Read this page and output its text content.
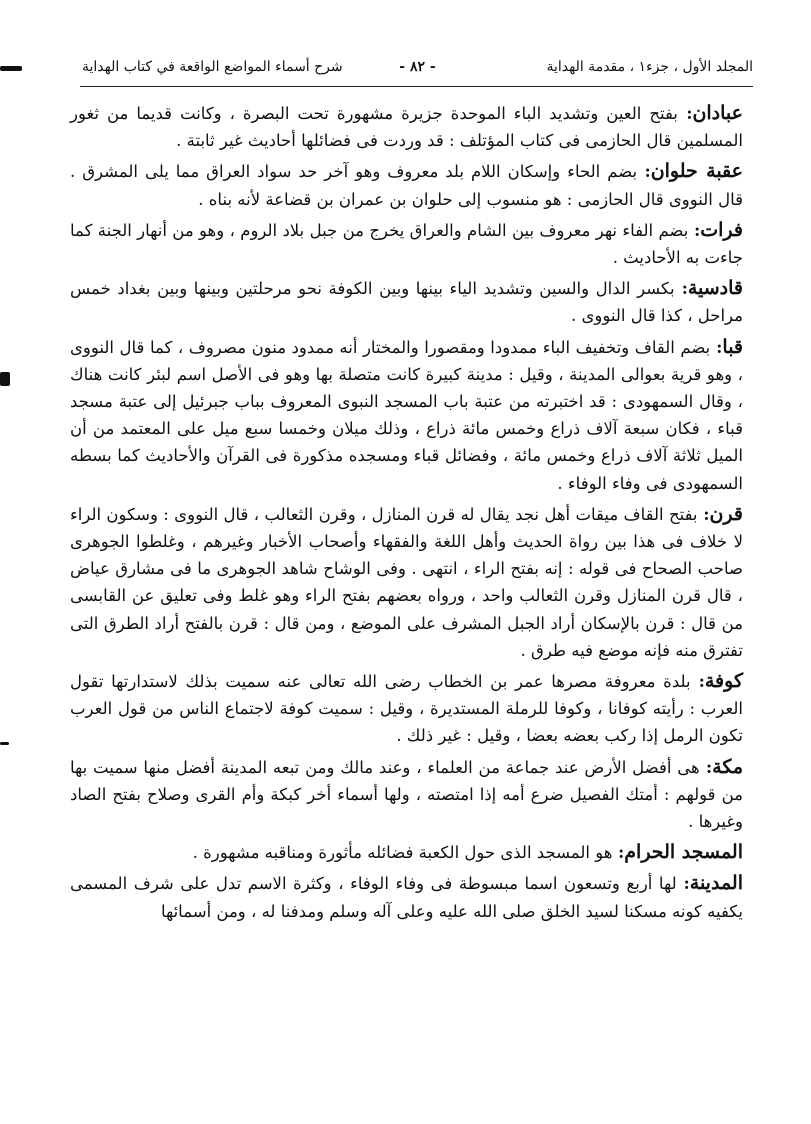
المجلد الأول ، جزء١ ، مقدمة الهداية
- ٨٢ -
شرح أسماء المواضع الواقعة في كتاب الهداية

عبادان: بفتح العين وتشديد الباء الموحدة جزيرة مشهورة تحت البصرة ، وكانت قديما من ثغور المسلمين قال الحازمى فى كتاب المؤتلف : قد وردت فى فضائلها أحاديث غير ثابتة .

عقبة حلوان: بضم الحاء وإسكان اللام بلد معروف وهو آخر حد سواد العراق مما يلى المشرق . قال النووى قال الحازمى : هو منسوب إلى حلوان بن عمران بن قضاعة لأنه بناه .

فرات: بضم الفاء نهر معروف بين الشام والعراق يخرج من جبل بلاد الروم ، وهو من أنهار الجنة كما جاءت به الأحاديث .

قادسية: بكسر الدال والسين وتشديد الياء بينها وبين الكوفة نحو مرحلتين وبينها وبين بغداد خمس مراحل ، كذا قال النووى .

قبا: بضم القاف وتخفيف الباء ممدودا ومقصورا والمختار أنه ممدود منون مصروف ، كما قال النووى ، وهو قرية بعوالى المدينة ، وقيل : مدينة كبيرة كانت متصلة بها وهو فى الأصل اسم لبئر كانت هناك ، وقال السمهودى : قد اختبرته من عتبة باب المسجد النبوى المعروف بباب جبرئيل إلى عتبة مسجد قباء ، فكان سبعة آلاف ذراع وخمس مائة ذراع ، وذلك ميلان وخمسا سبع ميل على المعتمد من أن الميل ثلاثة آلاف ذراع وخمس مائة ، وفضائل قباء ومسجده مذكورة فى القرآن والأحاديث كما بسطه السمهودى فى وفاء الوفاء .

قرن: بفتح القاف ميقات أهل نجد يقال له قرن المنازل ، وقرن الثعالب ، قال النووى : وسكون الراء لا خلاف فى هذا بين رواة الحديث وأهل اللغة والفقهاء وأصحاب الأخبار وغيرهم ، وغلطوا الجوهرى صاحب الصحاح فى قوله : إنه بفتح الراء ، انتهى . وفى الوشاح شاهد الجوهرى ما فى مشارق عياض ، قال قرن المنازل وقرن الثعالب واحد ، ورواه بعضهم بفتح الراء وهو غلط وفى تعليق عن القابسى من قال : قرن بالإسكان أراد الجبل المشرف على الموضع ، ومن قال : قرن بالفتح أراد الطرق التى تفترق منه فإنه موضع فيه طرق .

كوفة: بلدة معروفة مصرها عمر بن الخطاب رضى الله تعالى عنه سميت بذلك لاستدارتها تقول العرب : رأيته كوفانا ، وكوفا للرملة المستديرة ، وقيل : سميت كوفة لاجتماع الناس من قول العرب تكون الرمل إذا ركب بعضه بعضا ، وقيل : غير ذلك .

مكة: هى أفضل الأرض عند جماعة من العلماء ، وعند مالك ومن تبعه المدينة أفضل منها سميت بها من قولهم : أمتك الفصيل ضرع أمه إذا امتصته ، ولها أسماء أخر كبكة وأم القرى وصلاح بفتح الصاد وغيرها .

المسجد الحرام: هو المسجد الذى حول الكعبة فضائله مأثورة ومناقبه مشهورة .

المدينة: لها أربع وتسعون اسما مبسوطة فى وفاء الوفاء ، وكثرة الاسم تدل على شرف المسمى يكفيه كونه مسكنا لسيد الخلق صلى الله عليه وعلى آله وسلم ومدفنا له ، ومن أسمائها
